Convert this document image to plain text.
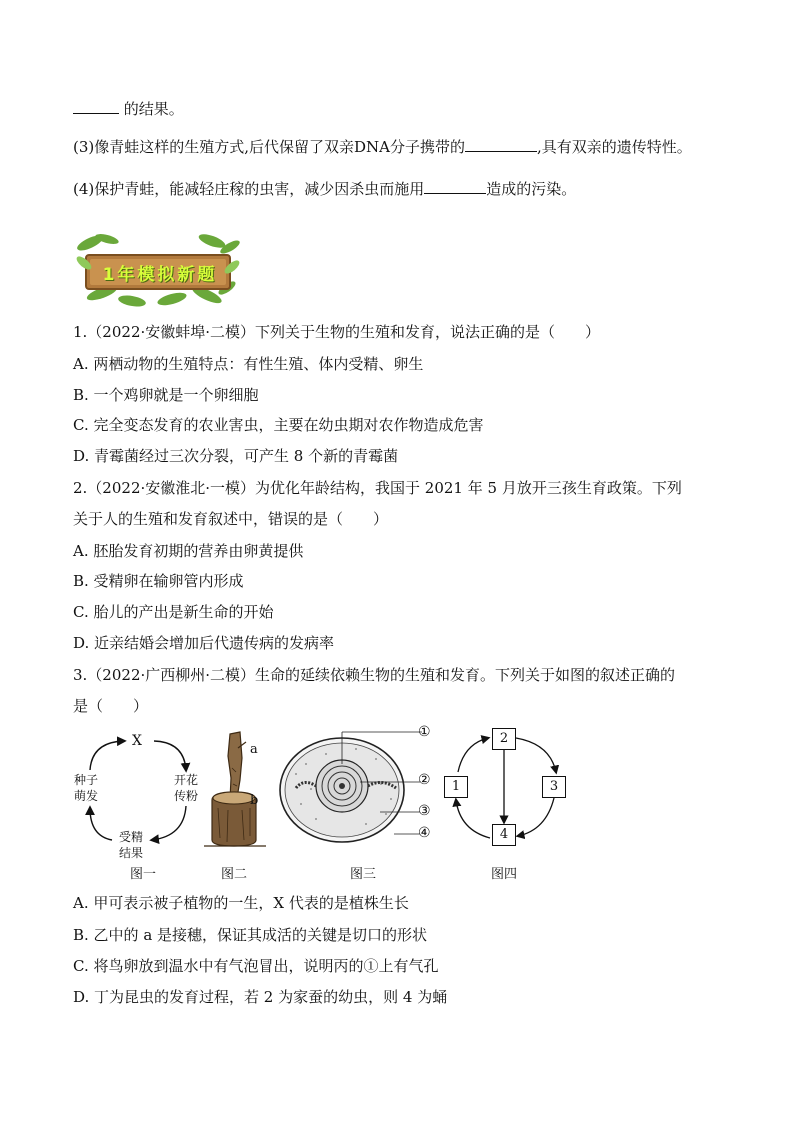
的结果。
(3)像青蛙这样的生殖方式,后代保留了双亲DNA分子携带的	,具有双亲的遗传特性。
(4)保护青蛙，能减轻庄稼的虫害，减少因杀虫而施用	造成的污染。
1年模拟新题
1.（2022·安徽蚌埠·二模）下列关于生物的生殖和发育，说法正确的是（　　）
A. 两栖动物的生殖特点：有性生殖、体内受精、卵生
B. 一个鸡卵就是一个卵细胞
C. 完全变态发育的农业害虫，主要在幼虫期对农作物造成危害
D. 青霉菌经过三次分裂，可产生 8 个新的青霉菌
2.（2022·安徽淮北·一模）为优化年龄结构，我国于 2021 年 5 月放开三孩生育政策。下列
关于人的生殖和发育叙述中，错误的是（　　）
A. 胚胎发育初期的营养由卵黄提供
B. 受精卵在输卵管内形成
C. 胎儿的产出是新生命的开始
D. 近亲结婚会增加后代遗传病的发病率
3.（2022·广西柳州·二模）生命的延续依赖生物的生殖和发育。下列关于如图的叙述正确的
是（　　）
X
种子萌发
开花传粉
受精结果
图一
a
b
图二
①
②
③
④
图三
2
1	3
4
图四
A. 甲可表示被子植物的一生，X 代表的是植株生长
B. 乙中的 a 是接穗，保证其成活的关键是切口的形状
C. 将鸟卵放到温水中有气泡冒出，说明丙的①上有气孔
D. 丁为昆虫的发育过程，若 2 为家蚕的幼虫，则 4 为蛹
